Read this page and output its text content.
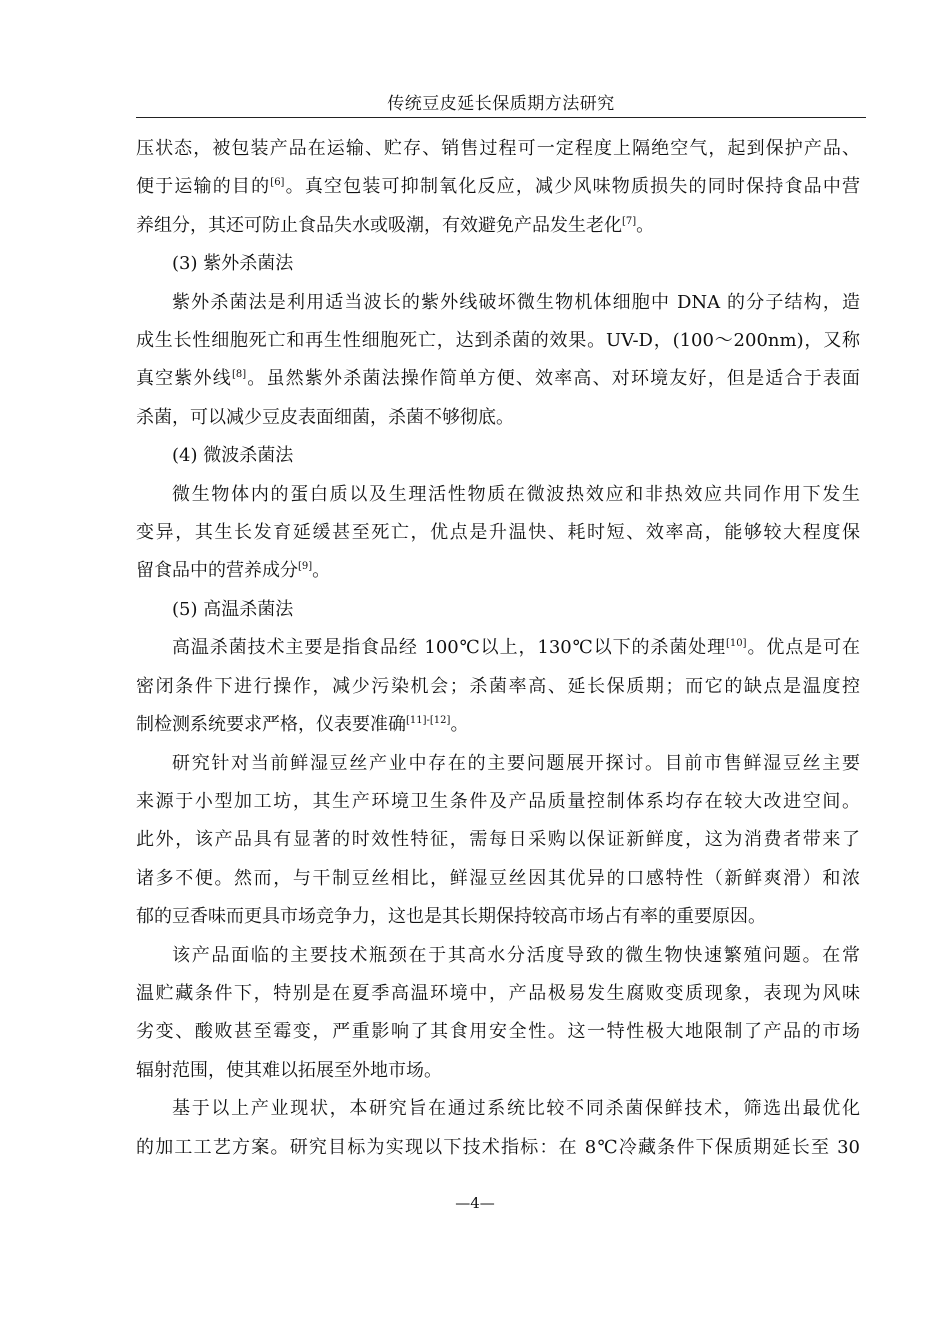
传统豆皮延长保质期方法研究

压状态，被包装产品在运输、贮存、销售过程可一定程度上隔绝空气，起到保护产品、
便于运输的目的[6]。真空包装可抑制氧化反应，减少风味物质损失的同时保持食品中营
养组分，其还可防止食品失水或吸潮，有效避免产品发生老化[7]。

(3) 紫外杀菌法

紫外杀菌法是利用适当波长的紫外线破坏微生物机体细胞中 DNA 的分子结构，造
成生长性细胞死亡和再生性细胞死亡，达到杀菌的效果。UV-D，(100～200nm)，又称
真空紫外线[8]。虽然紫外杀菌法操作简单方便、效率高、对环境友好，但是适合于表面
杀菌，可以减少豆皮表面细菌，杀菌不够彻底。

(4) 微波杀菌法

微生物体内的蛋白质以及生理活性物质在微波热效应和非热效应共同作用下发生
变异，其生长发育延缓甚至死亡，优点是升温快、耗时短、效率高，能够较大程度保
留食品中的营养成分[9]。

(5) 高温杀菌法

高温杀菌技术主要是指食品经 100℃以上，130℃以下的杀菌处理[10]。优点是可在
密闭条件下进行操作，减少污染机会；杀菌率高、延长保质期；而它的缺点是温度控
制检测系统要求严格，仪表要准确[11]-[12]。

研究针对当前鲜湿豆丝产业中存在的主要问题展开探讨。目前市售鲜湿豆丝主要
来源于小型加工坊，其生产环境卫生条件及产品质量控制体系均存在较大改进空间。
此外，该产品具有显著的时效性特征，需每日采购以保证新鲜度，这为消费者带来了
诸多不便。然而，与干制豆丝相比，鲜湿豆丝因其优异的口感特性（新鲜爽滑）和浓
郁的豆香味而更具市场竞争力，这也是其长期保持较高市场占有率的重要原因。

该产品面临的主要技术瓶颈在于其高水分活度导致的微生物快速繁殖问题。在常
温贮藏条件下，特别是在夏季高温环境中，产品极易发生腐败变质现象，表现为风味
劣变、酸败甚至霉变，严重影响了其食用安全性。这一特性极大地限制了产品的市场
辐射范围，使其难以拓展至外地市场。

基于以上产业现状，本研究旨在通过系统比较不同杀菌保鲜技术，筛选出最优化
的加工工艺方案。研究目标为实现以下技术指标：在 8℃冷藏条件下保质期延长至 30

—4—
